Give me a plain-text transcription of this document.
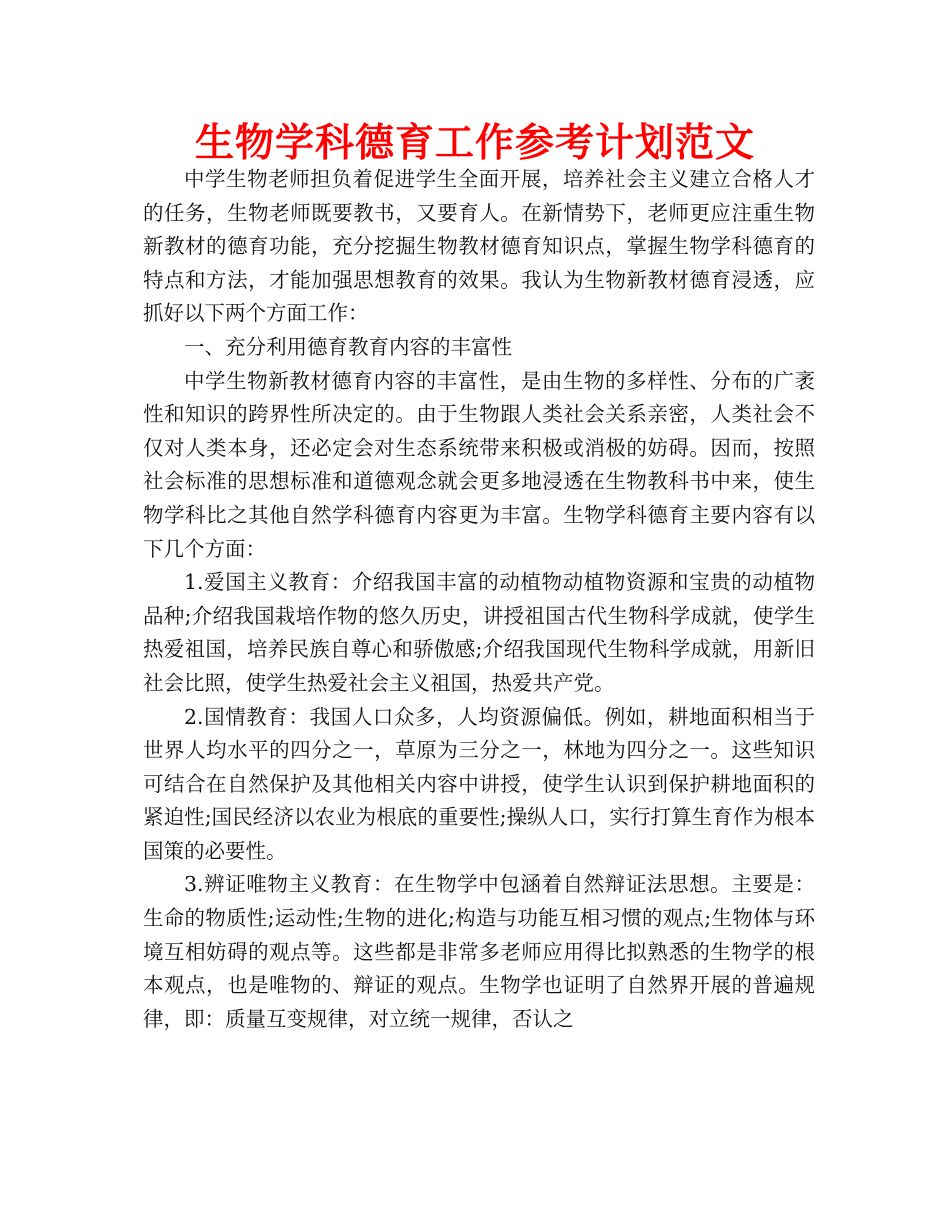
生物学科德育工作参考计划范文

中学生物老师担负着促进学生全面开展，培养社会主义建立合格人才的任务，生物老师既要教书，又要育人。在新情势下，老师更应注重生物新教材的德育功能，充分挖掘生物教材德育知识点，掌握生物学科德育的特点和方法，才能加强思想教育的效果。我认为生物新教材德育浸透，应抓好以下两个方面工作：

一、充分利用德育教育内容的丰富性

中学生物新教材德育内容的丰富性，是由生物的多样性、分布的广袤性和知识的跨界性所决定的。由于生物跟人类社会关系亲密，人类社会不仅对人类本身，还必定会对生态系统带来积极或消极的妨碍。因而，按照社会标准的思想标准和道德观念就会更多地浸透在生物教科书中来，使生物学科比之其他自然学科德育内容更为丰富。生物学科德育主要内容有以下几个方面：

1.爱国主义教育：介绍我国丰富的动植物动植物资源和宝贵的动植物品种;介绍我国栽培作物的悠久历史，讲授祖国古代生物科学成就，使学生热爱祖国，培养民族自尊心和骄傲感;介绍我国现代生物科学成就，用新旧社会比照，使学生热爱社会主义祖国，热爱共产党。

2.国情教育：我国人口众多，人均资源偏低。例如，耕地面积相当于世界人均水平的四分之一，草原为三分之一，林地为四分之一。这些知识可结合在自然保护及其他相关内容中讲授，使学生认识到保护耕地面积的紧迫性;国民经济以农业为根底的重要性;操纵人口，实行打算生育作为根本国策的必要性。

3.辨证唯物主义教育：在生物学中包涵着自然辩证法思想。主要是：生命的物质性;运动性;生物的进化;构造与功能互相习惯的观点;生物体与环境互相妨碍的观点等。这些都是非常多老师应用得比拟熟悉的生物学的根本观点，也是唯物的、辩证的观点。生物学也证明了自然界开展的普遍规律，即：质量互变规律，对立统一规律，否认之
